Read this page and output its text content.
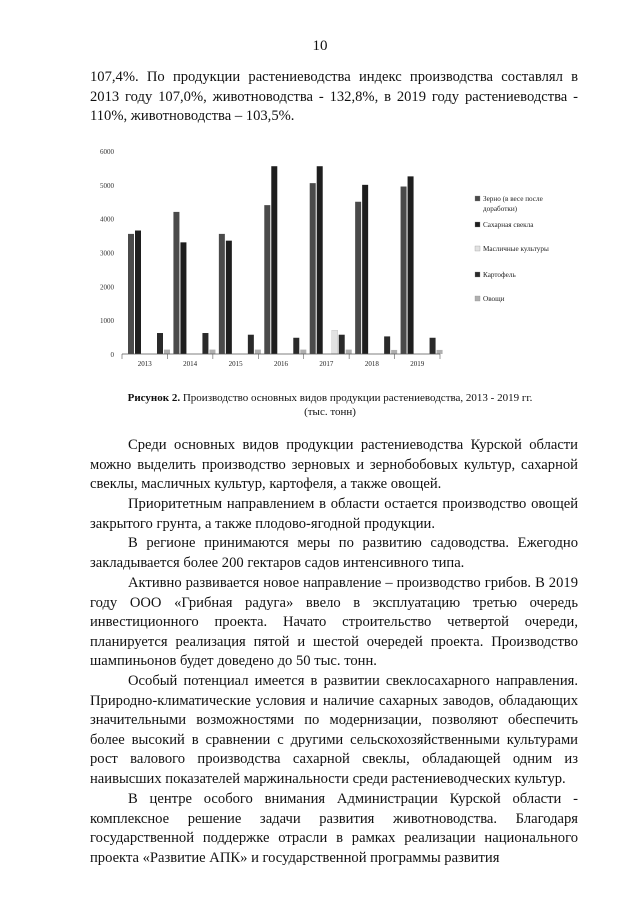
10

107,4%. По продукции растениеводства индекс производства составлял в 2013 году 107,0%, животноводства - 132,8%, в 2019 году растениеводства - 110%, животноводства – 103,5%.

0
1000
2000
3000
4000
5000
6000
2013	2014	2015	2016	2017	2018	2019
Зерно (в весе после
доработки)
Сахарная свекла
Масличные культуры
Картофель
Овощи
Рисунок 2. Производство основных видов продукции растениеводства, 2013 - 2019 гг. (тыс. тонн)

Среди основных видов продукции растениеводства Курской области можно выделить производство зерновых и зернобобовых культур, сахарной свеклы, масличных культур, картофеля, а также овощей.

Приоритетным направлением в области остается производство овощей закрытого грунта, а также плодово-ягодной продукции.

В регионе принимаются меры по развитию садоводства. Ежегодно закладывается более 200 гектаров садов интенсивного типа.

Активно развивается новое направление – производство грибов. В 2019 году ООО «Грибная радуга» ввело в эксплуатацию третью очередь инвестиционного проекта. Начато строительство четвертой очереди, планируется реализация пятой и шестой очередей проекта. Производство шампиньонов будет доведено до 50 тыс. тонн.

Особый потенциал имеется в развитии свеклосахарного направления. Природно-климатические условия и наличие сахарных заводов, обладающих значительными возможностями по модернизации, позволяют обеспечить более высокий в сравнении с другими сельскохозяйственными культурами рост валового производства сахарной свеклы, обладающей одним из наивысших показателей маржинальности среди растениеводческих культур.

В центре особого внимания Администрации Курской области - комплексное решение задачи развития животноводства. Благодаря государственной поддержке отрасли в рамках реализации национального проекта «Развитие АПК» и государственной программы развития
